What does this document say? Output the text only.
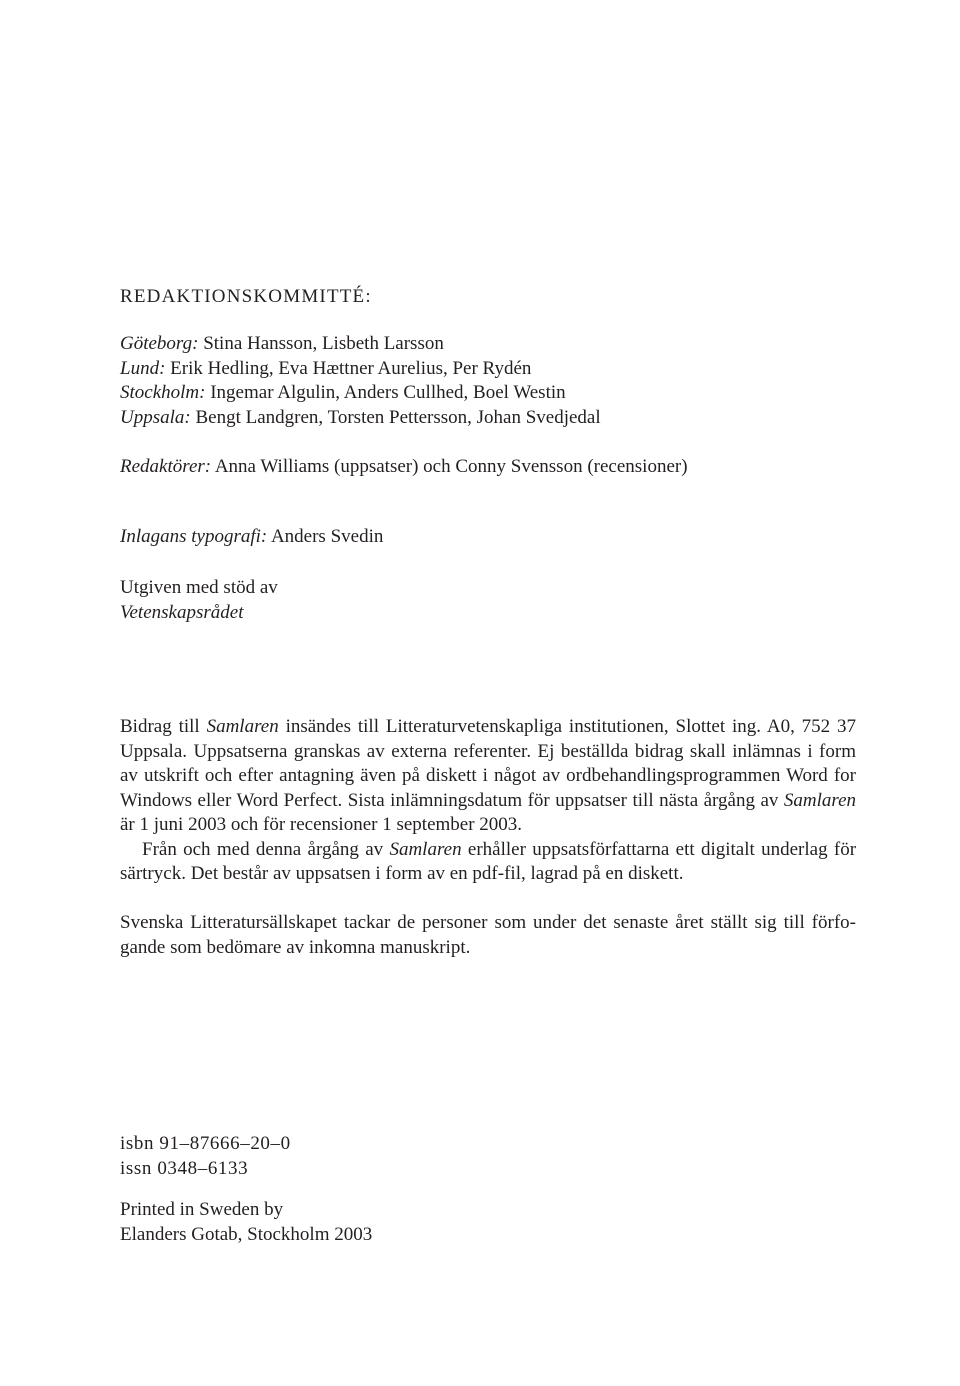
REDAKTIONSKOMMITTÉ:
Göteborg: Stina Hansson, Lisbeth Larsson
Lund: Erik Hedling, Eva Hættner Aurelius, Per Rydén
Stockholm: Ingemar Algulin, Anders Cullhed, Boel Westin
Uppsala: Bengt Landgren, Torsten Pettersson, Johan Svedjedal
Redaktörer: Anna Williams (uppsatser) och Conny Svensson (recensioner)
Inlagans typografi: Anders Svedin
Utgiven med stöd av
Vetenskapsrådet

Bidrag till Samlaren insändes till Litteraturvetenskapliga institutionen, Slottet ing. A0, 752 37 Uppsala. Uppsatserna granskas av externa referenter. Ej beställda bidrag skall inlämnas i form av utskrift och efter antagning även på diskett i något av ordbehandlingsprogrammen Word for Windows eller Word Perfect. Sista inlämningsdatum för uppsatser till nästa årgång av Samlaren är 1 juni 2003 och för recensioner 1 september 2003.

Från och med denna årgång av Samlaren erhåller uppsatsförfattarna ett digitalt underlag för särtryck. Det består av uppsatsen i form av en pdf-fil, lagrad på en diskett.

Svenska Litteratursällskapet tackar de personer som under det senaste året ställt sig till förfogande som bedömare av inkomna manuskript.

isbn 91–87666–20–0
issn 0348–6133
Printed in Sweden by
Elanders Gotab, Stockholm 2003
